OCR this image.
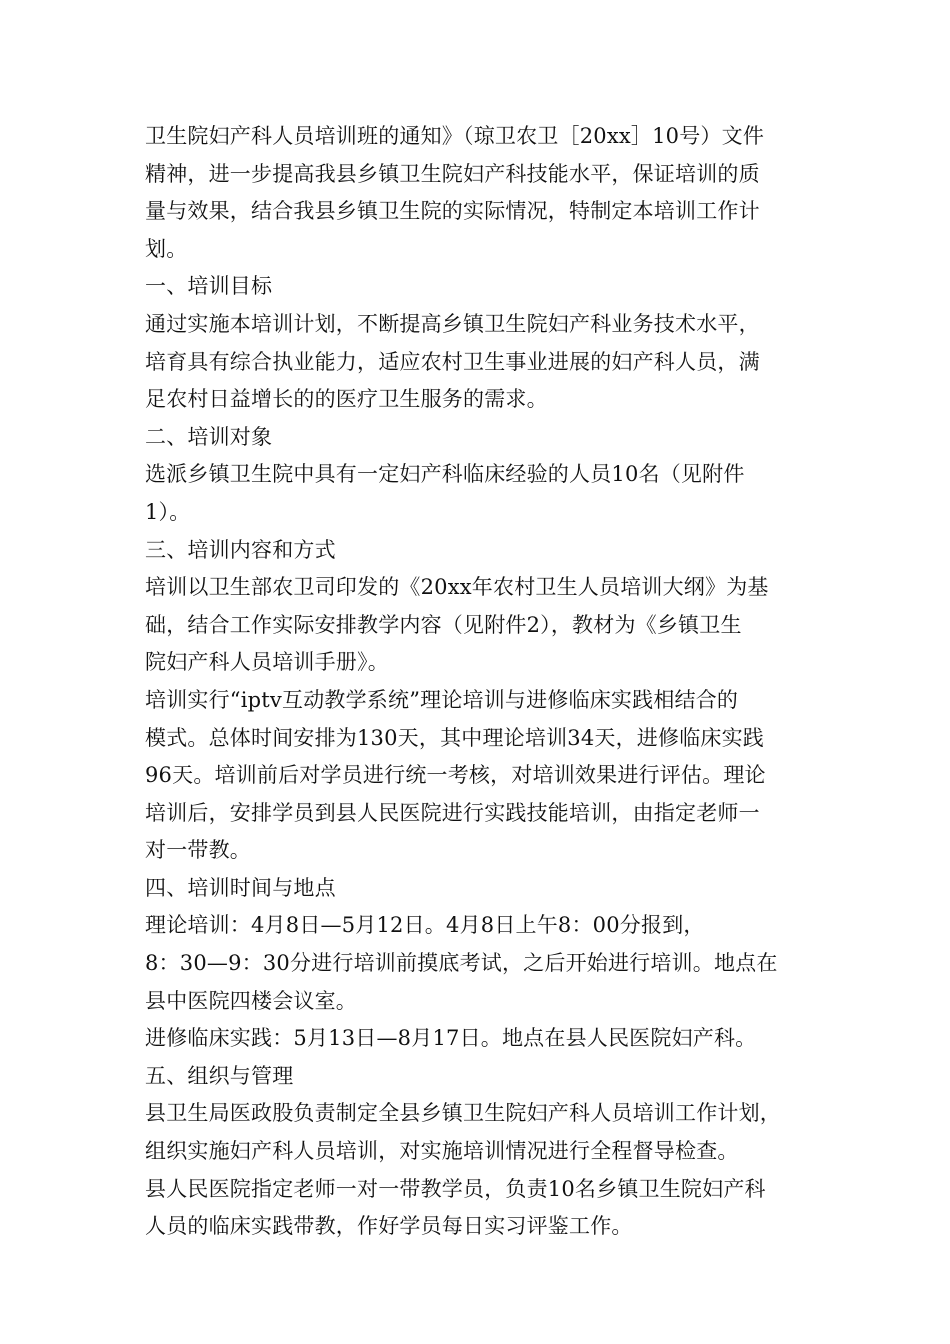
卫生院妇产科人员培训班的通知》（琼卫农卫［20xx］10号）文件
精神，进一步提高我县乡镇卫生院妇产科技能水平，保证培训的质
量与效果，结合我县乡镇卫生院的实际情况，特制定本培训工作计
划。
一、培训目标
通过实施本培训计划，不断提高乡镇卫生院妇产科业务技术水平，
培育具有综合执业能力，适应农村卫生事业进展的妇产科人员，满
足农村日益增长的的医疗卫生服务的需求。
二、培训对象
选派乡镇卫生院中具有一定妇产科临床经验的人员10名（见附件
1）。
三、培训内容和方式
培训以卫生部农卫司印发的《20xx年农村卫生人员培训大纲》为基
础，结合工作实际安排教学内容（见附件2），教材为《乡镇卫生
院妇产科人员培训手册》。
培训实行“iptv互动教学系统”理论培训与进修临床实践相结合的
模式。总体时间安排为130天，其中理论培训34天，进修临床实践
96天。培训前后对学员进行统一考核，对培训效果进行评估。理论
培训后，安排学员到县人民医院进行实践技能培训，由指定老师一
对一带教。
四、培训时间与地点
理论培训：4月8日—5月12日。4月8日上午8：00分报到，
8：30—9：30分进行培训前摸底考试，之后开始进行培训。地点在
县中医院四楼会议室。
进修临床实践：5月13日—8月17日。地点在县人民医院妇产科。
五、组织与管理
县卫生局医政股负责制定全县乡镇卫生院妇产科人员培训工作计划，
组织实施妇产科人员培训，对实施培训情况进行全程督导检查。
县人民医院指定老师一对一带教学员，负责10名乡镇卫生院妇产科
人员的临床实践带教，作好学员每日实习评鉴工作。
